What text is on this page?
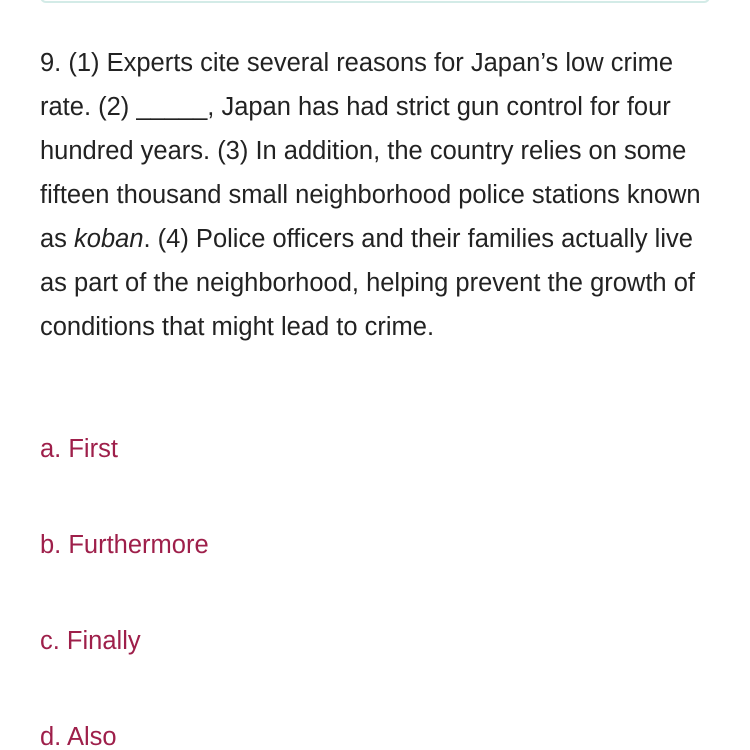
9. (1) Experts cite several reasons for Japan’s low crime rate. (2) _____, Japan has had strict gun control for four hundred years. (3) In addition, the country relies on some fifteen thousand small neighborhood police stations known as koban. (4) Police officers and their families actually live as part of the neighborhood, helping prevent the growth of conditions that might lead to crime.

a. First
b. Furthermore
c. Finally
d. Also
